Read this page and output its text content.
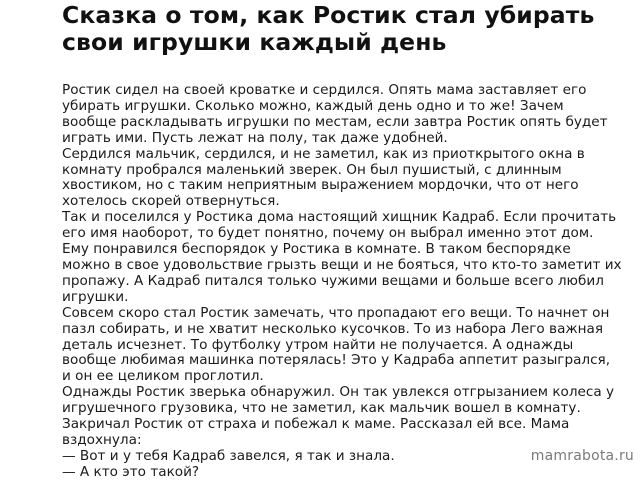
Сказка о том, как Ростик стал убирать
свои игрушки каждый день

Ростик сидел на своей кроватке и сердился. Опять мама заставляет его убирать игрушки. Сколько можно, каждый день одно и то же! Зачем вообще раскладывать игрушки по местам, если завтра Ростик опять будет играть ими. Пусть лежат на полу, так даже удобней.

Сердился мальчик, сердился, и не заметил, как из приоткрытого окна в комнату пробрался маленький зверек. Он был пушистый, с длинным хвостиком, но с таким неприятным выражением мордочки, что от него хотелось скорей отвернуться.

Так и поселился у Ростика дома настоящий хищник Кадраб. Если прочитать его имя наоборот, то будет понятно, почему он выбрал именно этот дом. Ему понравился беспорядок у Ростика в комнате. В таком беспорядке можно в свое удовольствие грызть вещи и не бояться, что кто-то заметит их пропажу. А Кадраб питался только чужими вещами и больше всего любил игрушки.

Совсем скоро стал Ростик замечать, что пропадают его вещи. То начнет он пазл собирать, и не хватит несколько кусочков. То из набора Лего важная деталь исчезнет. То футболку утром найти не получается. А однажды вообще любимая машинка потерялась! Это у Кадраба аппетит разыгрался, и он ее целиком проглотил.

Однажды Ростик зверька обнаружил. Он так увлекся отгрызанием колеса у игрушечного грузовика, что не заметил, как мальчик вошел в комнату. Закричал Ростик от страха и побежал к маме. Рассказал ей все. Мама вздохнула:

— Вот и у тебя Кадраб завелся, я так и знала.

— А кто это такой?

mamrabota.ru
